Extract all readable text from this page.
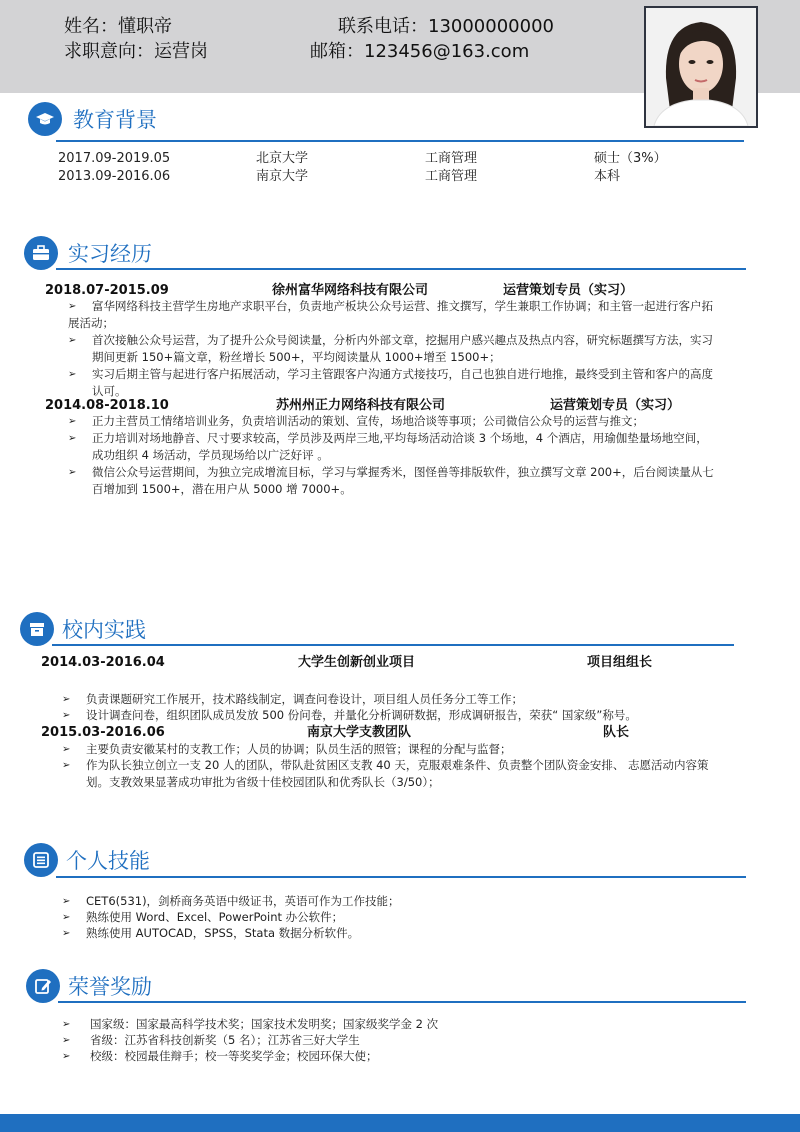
姓名：懂职帝	联系电话：13000000000
求职意向：运营岗	邮箱：123456@163.com
教育背景
2017.09-2019.05	北京大学	工商管理	硕士（3%）
2013.09-2016.06	南京大学	工商管理	本科
实习经历
2018.07-2015.09	徐州富华网络科技有限公司	运营策划专员（实习）
➢	富华网络科技主营学生房地产求职平台，负责地产板块公众号运营、推文撰写，学生兼职工作协调；和主管一起进行客户拓展活动；
➢	首次接触公众号运营，为了提升公众号阅读量，分析内外部文章，挖掘用户感兴趣点及热点内容，研究标题撰写方法，实习期间更新 150+篇文章，粉丝增长 500+，平均阅读量从 1000+增至 1500+；
➢	实习后期主管与起进行客户拓展活动，学习主管跟客户沟通方式接技巧，自己也独自进行地推，最终受到主管和客户的高度认可。
2014.08-2018.10	苏州州正力网络科技有限公司	运营策划专员（实习）
➢	正力主营员工情绪培训业务，负责培训活动的策划、宣传，场地洽谈等事项；公司微信公众号的运营与推文；
➢	正力培训对场地静音、尺寸要求较高，学员涉及两岸三地,平均每场活动洽谈 3 个场地，4 个酒店，用瑜伽垫量场地空间，成功组织 4 场活动，学员现场给以广泛好评 。
➢	微信公众号运营期间，为独立完成增流目标，学习与掌握秀米，图怪兽等排版软件，独立撰写文章 200+，后台阅读量从七百增加到 1500+，潜在用户从 5000 增 7000+。
校内实践
2014.03-2016.04	大学生创新创业项目	项目组组长
➢	负责课题研究工作展开，技术路线制定，调查问卷设计，项目组人员任务分工等工作；
➢	设计调查问卷，组织团队成员发放 500 份问卷，并量化分析调研数据，形成调研报告，荣获“ 国家级”称号。
2015.03-2016.06	南京大学支教团队	队长
➢	主要负责安徽某村的支教工作；人员的协调；队员生活的照管；课程的分配与监督；
➢	作为队长独立创立一支 20 人的团队，带队赴贫困区支教 40 天，克服艰难条件、负责整个团队资金安排、 志愿活动内容策划。支教效果显著成功审批为省级十佳校园团队和优秀队长（3/50）；
个人技能
➢	CET6(531)，剑桥商务英语中级证书，英语可作为工作技能；
➢	熟练使用 Word、Excel、PowerPoint 办公软件；
➢	熟练使用 AUTOCAD，SPSS，Stata 数据分析软件。
荣誉奖励
➢	国家级：国家最高科学技术奖；国家技术发明奖；国家级奖学金 2 次
➢	省级：江苏省科技创新奖（5 名）；江苏省三好大学生
➢	校级：校园最佳辩手；校一等奖奖学金；校园环保大使；
